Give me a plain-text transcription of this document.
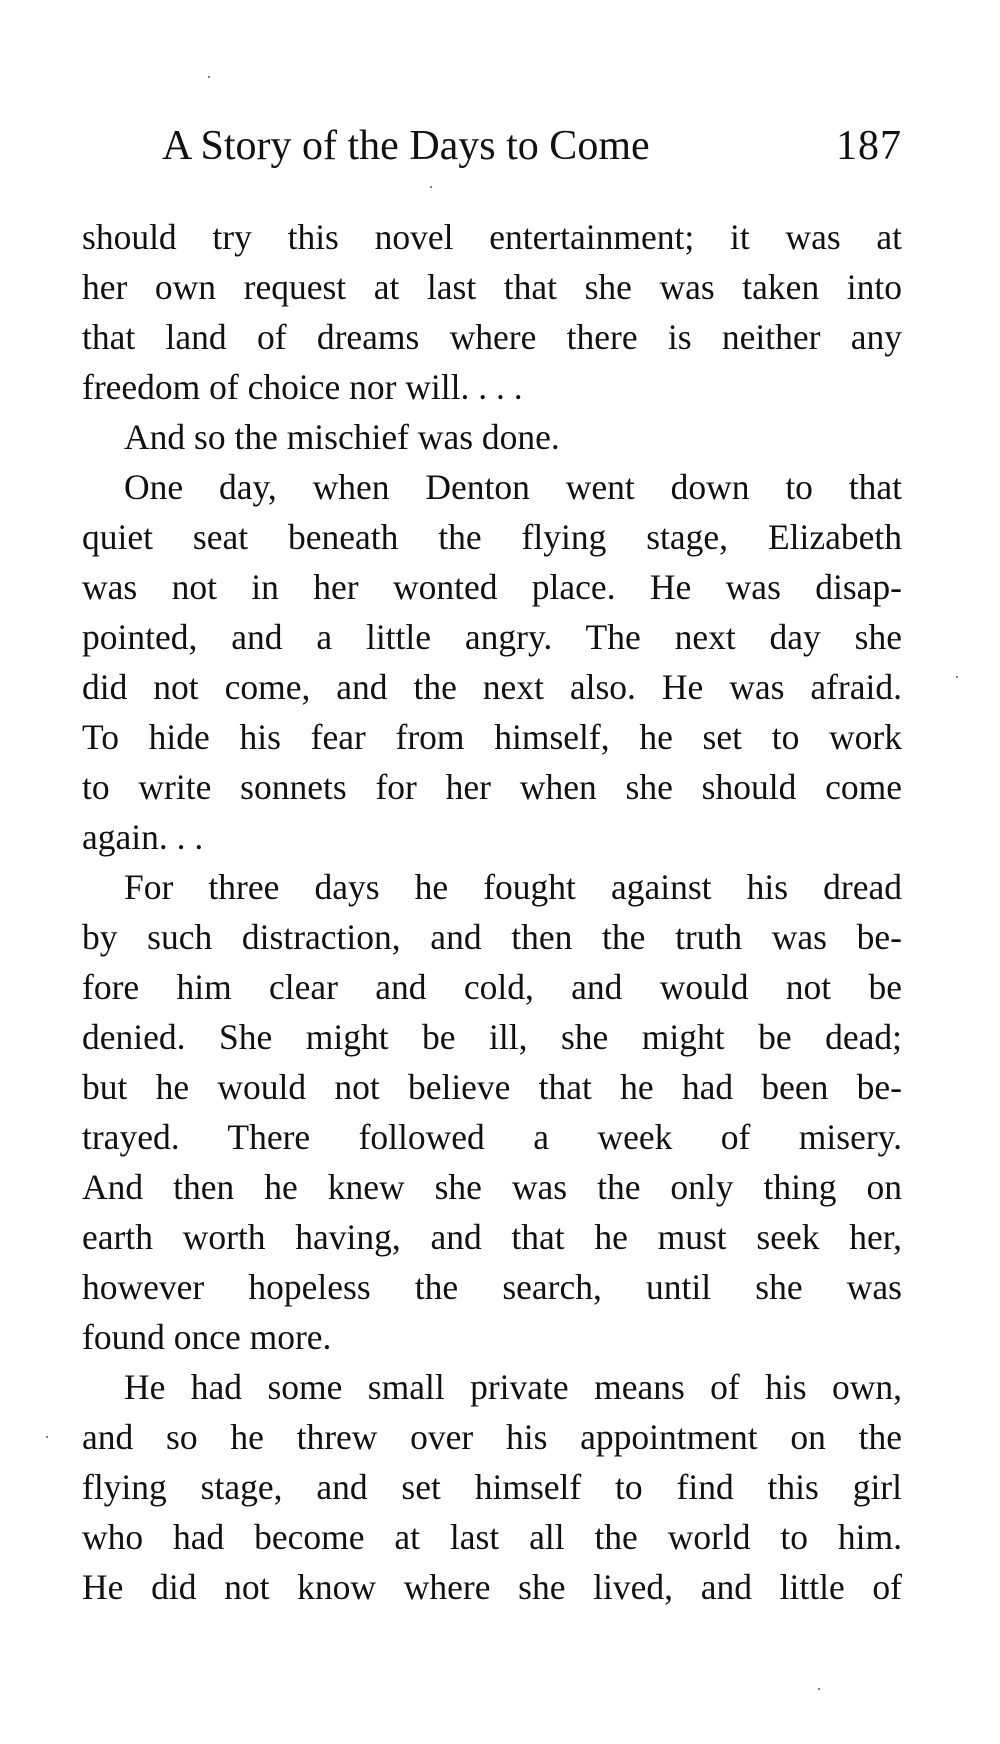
A Story of the Days to Come	187
should try this novel entertainment; it was at
her own request at last that she was taken into
that land of dreams where there is neither any
freedom of choice nor will. . . .
And so the mischief was done.
One day, when Denton went down to that
quiet seat beneath the flying stage, Elizabeth
was not in her wonted place. He was disap-
pointed, and a little angry. The next day she
did not come, and the next also. He was afraid.
To hide his fear from himself, he set to work
to write sonnets for her when she should come
again. . .
For three days he fought against his dread
by such distraction, and then the truth was be-
fore him clear and cold, and would not be
denied. She might be ill, she might be dead;
but he would not believe that he had been be-
trayed. There followed a week of misery.
And then he knew she was the only thing on
earth worth having, and that he must seek her,
however hopeless the search, until she was
found once more.
He had some small private means of his own,
and so he threw over his appointment on the
flying stage, and set himself to find this girl
who had become at last all the world to him.
He did not know where she lived, and little of
